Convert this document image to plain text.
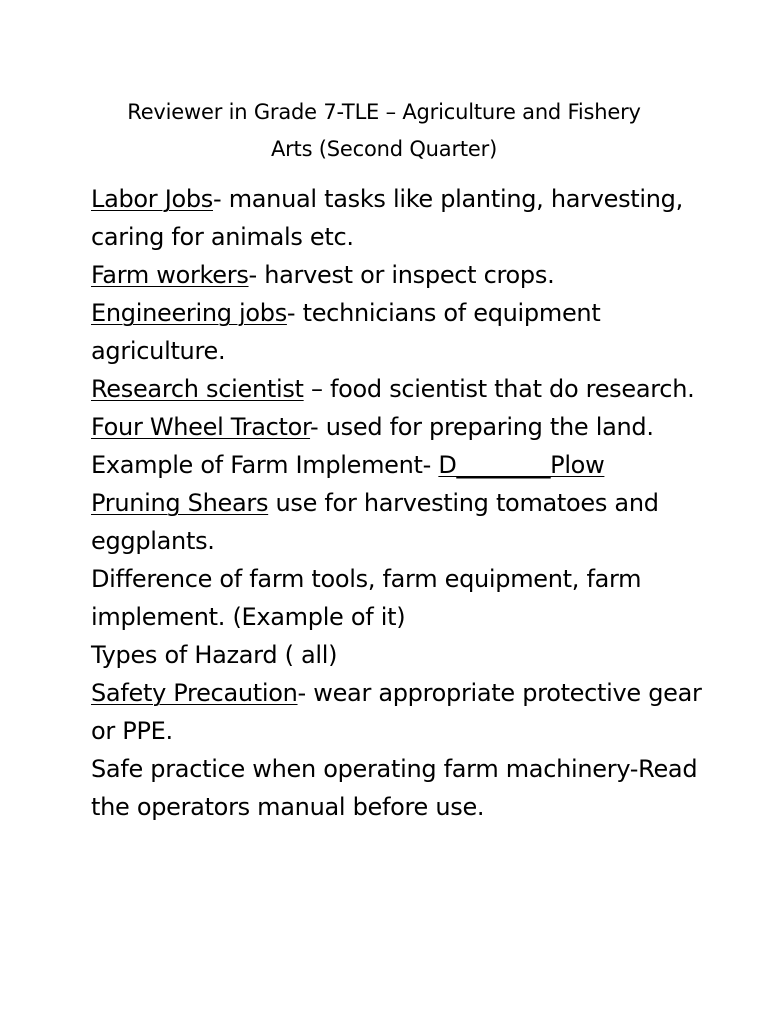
Reviewer in Grade 7-TLE – Agriculture and Fishery
Arts (Second Quarter)

Labor Jobs- manual tasks like planting, harvesting, caring for animals etc.

Farm workers- harvest or inspect crops.

Engineering jobs- technicians of equipment agriculture.

Research scientist – food scientist that do research.

Four Wheel Tractor- used for preparing the land.

Example of Farm Implement- D________Plow

Pruning Shears use for harvesting tomatoes and eggplants.

Difference of farm tools, farm equipment, farm implement. (Example of it)

Types of Hazard ( all)

Safety Precaution- wear appropriate protective gear or PPE.

Safe practice when operating farm machinery-Read the operators manual before use.
